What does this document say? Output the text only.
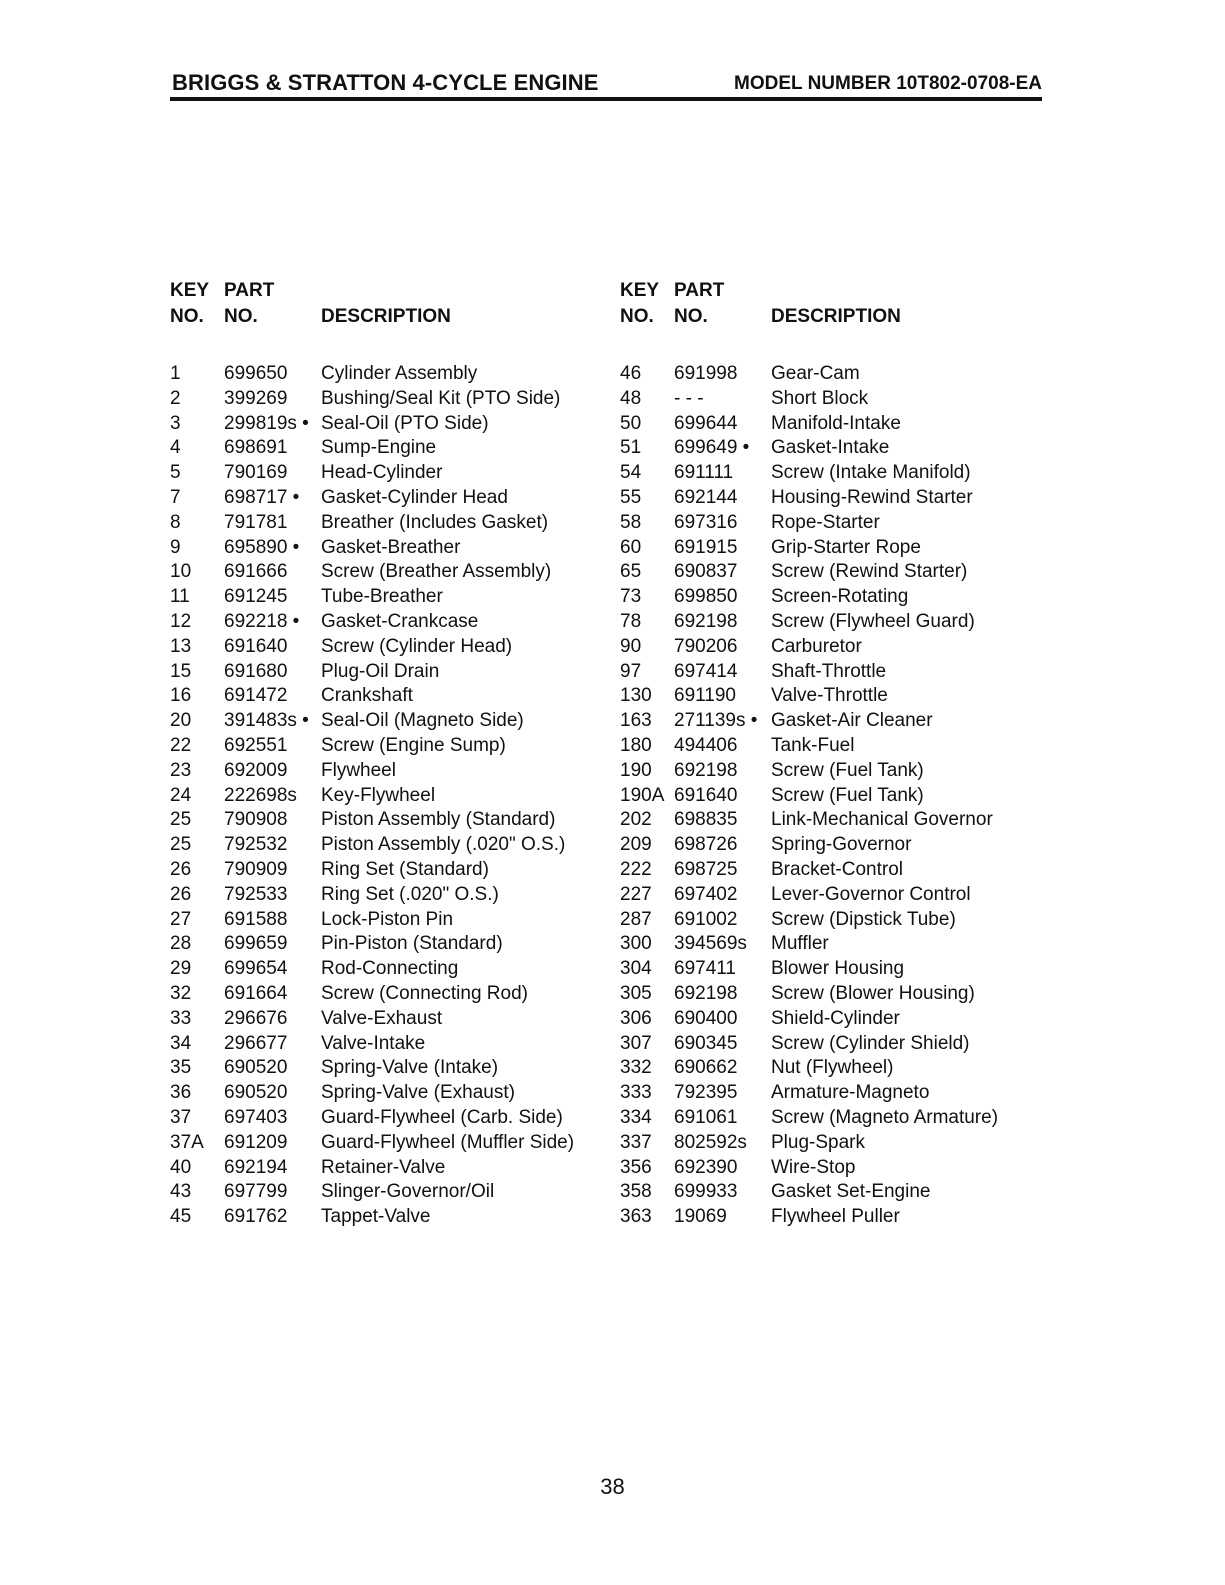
BRIGGS & STRATTON 4-CYCLE ENGINE	MODEL NUMBER 10T802-0708-EA
KEY
NO.
PART
NO.	DESCRIPTION
1 699650 Cylinder Assembly
2 399269 Bushing/Seal Kit (PTO Side)
3 299819s • Seal-Oil (PTO Side)
4 698691 Sump-Engine
5 790169 Head-Cylinder
7 698717 • Gasket-Cylinder Head
8 791781 Breather (Includes Gasket)
9 695890 • Gasket-Breather
10 691666 Screw (Breather Assembly)
11 691245 Tube-Breather
12 692218 • Gasket-Crankcase
13 691640 Screw (Cylinder Head)
15 691680 Plug-Oil Drain
16 691472 Crankshaft
20 391483s • Seal-Oil (Magneto Side)
22 692551 Screw (Engine Sump)
23 692009 Flywheel
24 222698s Key-Flywheel
25 790908 Piston Assembly (Standard)
25 792532 Piston Assembly (.020" O.S.)
26 790909 Ring Set (Standard)
26 792533 Ring Set (.020" O.S.)
27 691588 Lock-Piston Pin
28 699659 Pin-Piston (Standard)
29 699654 Rod-Connecting
32 691664 Screw (Connecting Rod)
33 296676 Valve-Exhaust
34 296677 Valve-Intake
35 690520 Spring-Valve (Intake)
36 690520 Spring-Valve (Exhaust)
37 697403 Guard-Flywheel (Carb. Side)
37A 691209 Guard-Flywheel (Muffler Side)
40 692194 Retainer-Valve
43 697799 Slinger-Governor/Oil
45 691762 Tappet-Valve
KEY
NO.
PART
NO.	DESCRIPTION
46 691998 Gear-Cam
48 - - -	Short Block
50 699644 Manifold-Intake
51 699649 • Gasket-Intake
54 691111 Screw (Intake Manifold)
55 692144 Housing-Rewind Starter
58 697316 Rope-Starter
60 691915 Grip-Starter Rope
65 690837 Screw (Rewind Starter)
73 699850 Screen-Rotating
78 692198 Screw (Flywheel Guard)
90 790206 Carburetor
97 697414 Shaft-Throttle
130 691190 Valve-Throttle
163 271139s • Gasket-Air Cleaner
180 494406 Tank-Fuel
190 692198 Screw (Fuel Tank)
190A 691640 Screw (Fuel Tank)
202 698835 Link-Mechanical Governor
209 698726 Spring-Governor
222 698725 Bracket-Control
227 697402 Lever-Governor Control
287 691002 Screw (Dipstick Tube)
300 394569s Muffler
304 697411 Blower Housing
305 692198 Screw (Blower Housing)
306 690400 Shield-Cylinder
307 690345 Screw (Cylinder Shield)
332 690662 Nut (Flywheel)
333 792395 Armature-Magneto
334 691061 Screw (Magneto Armature)
337 802592s Plug-Spark
356 692390 Wire-Stop
358 699933 Gasket Set-Engine
363 19069 Flywheel Puller
38
